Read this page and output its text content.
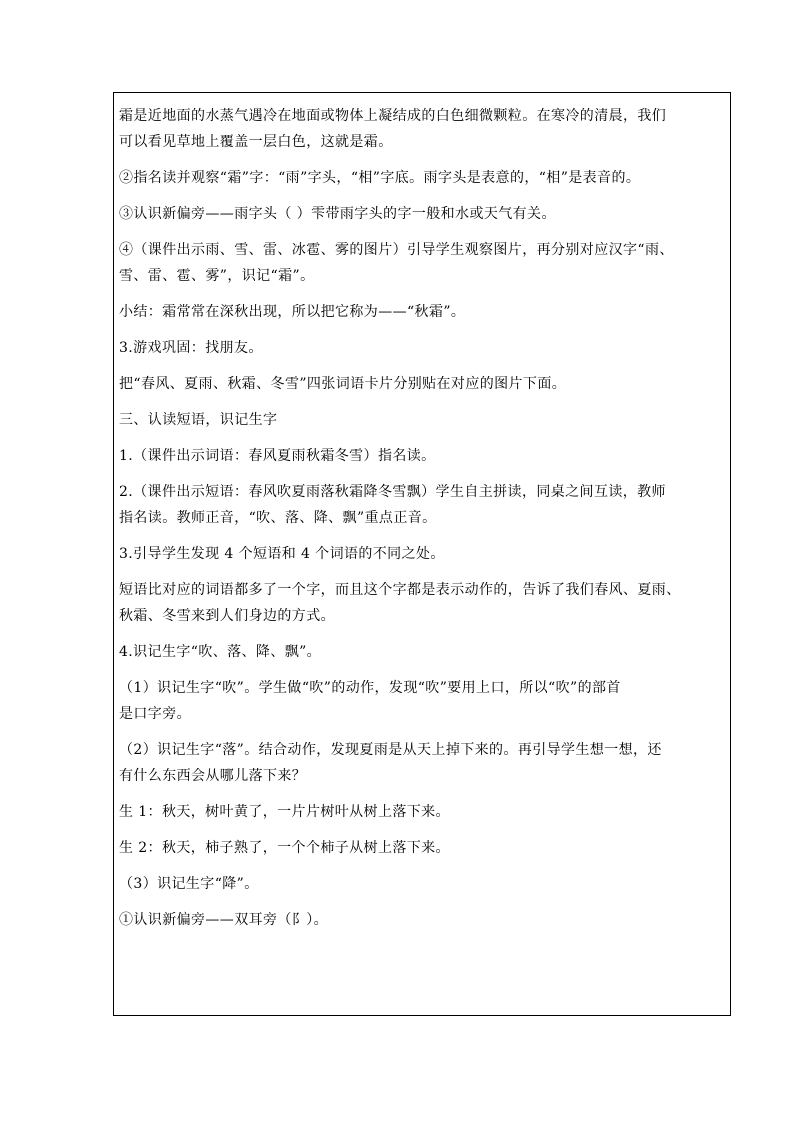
霜是近地面的水蒸气遇冷在地面或物体上凝结成的白色细微颗粒。在寒冷的清晨，我们
可以看见草地上覆盖一层白色，这就是霜。

②指名读并观察“霜”字：“雨”字头，“相”字底。雨字头是表意的，“相”是表音的。

③认识新偏旁——雨字头（ ）雫带雨字头的字一般和水或天气有关。

④（课件出示雨、雪、雷、冰雹、雾的图片）引导学生观察图片，再分别对应汉字“雨、
雪、雷、雹、雾”，识记“霜”。

小结：霜常常在深秋出现，所以把它称为——“秋霜”。

3.游戏巩固：找朋友。

把“春风、夏雨、秋霜、冬雪”四张词语卡片分别贴在对应的图片下面。

三、认读短语，识记生字

1.（课件出示词语：春风夏雨秋霜冬雪）指名读。

2.（课件出示短语：春风吹夏雨落秋霜降冬雪飘）学生自主拼读，同桌之间互读，教师
指名读。教师正音，“吹、落、降、飘”重点正音。

3.引导学生发现 4 个短语和 4 个词语的不同之处。

短语比对应的词语都多了一个字，而且这个字都是表示动作的，告诉了我们春风、夏雨、
秋霜、冬雪来到人们身边的方式。

4.识记生字“吹、落、降、飘”。

（1）识记生字“吹”。学生做“吹”的动作，发现“吹”要用上口，所以“吹”的部首
是口字旁。

（2）识记生字“落”。结合动作，发现夏雨是从天上掉下来的。再引导学生想一想，还
有什么东西会从哪儿落下来？

生 1：秋天，树叶黄了，一片片树叶从树上落下来。

生 2：秋天，柿子熟了，一个个柿子从树上落下来。

（3）识记生字“降”。

①认识新偏旁——双耳旁（阝）。
